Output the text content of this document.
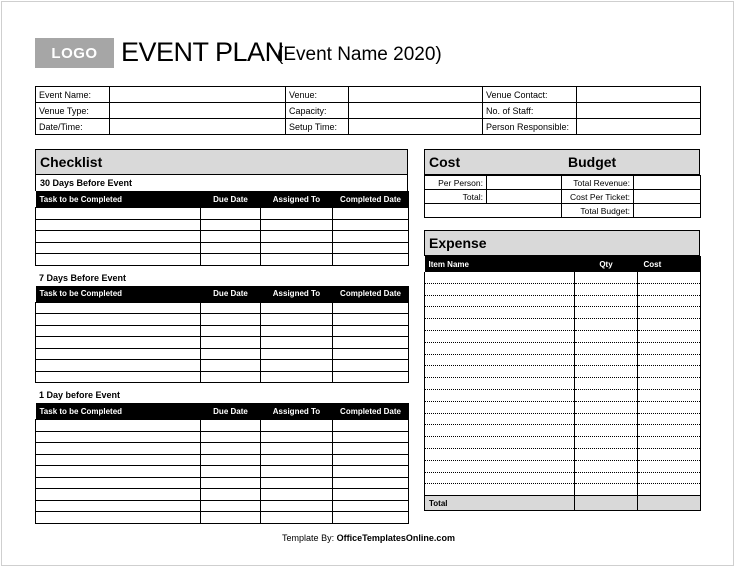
LOGO EVENT PLAN
(Event Name 2020)
Event Name:		Venue:		Venue Contact:	
Venue Type:		Capacity:		No. of Staff:	
Date/Time:		Setup Time:		Person Responsible:	
Checklist
30 Days Before Event
Task to be Completed	Due Date	Assigned To	Completed Date

7 Days Before Event
Task to be Completed	Due Date	Assigned To	Completed Date

1 Day before Event
Task to be Completed	Due Date	Assigned To	Completed Date

Cost	Budget
Per Person:		Total Revenue:	
Total:		Cost Per Ticket:	
		Total Budget:	
Expense
Item Name	Qty	Cost

Total		
Template By: OfficeTemplatesOnline.com
